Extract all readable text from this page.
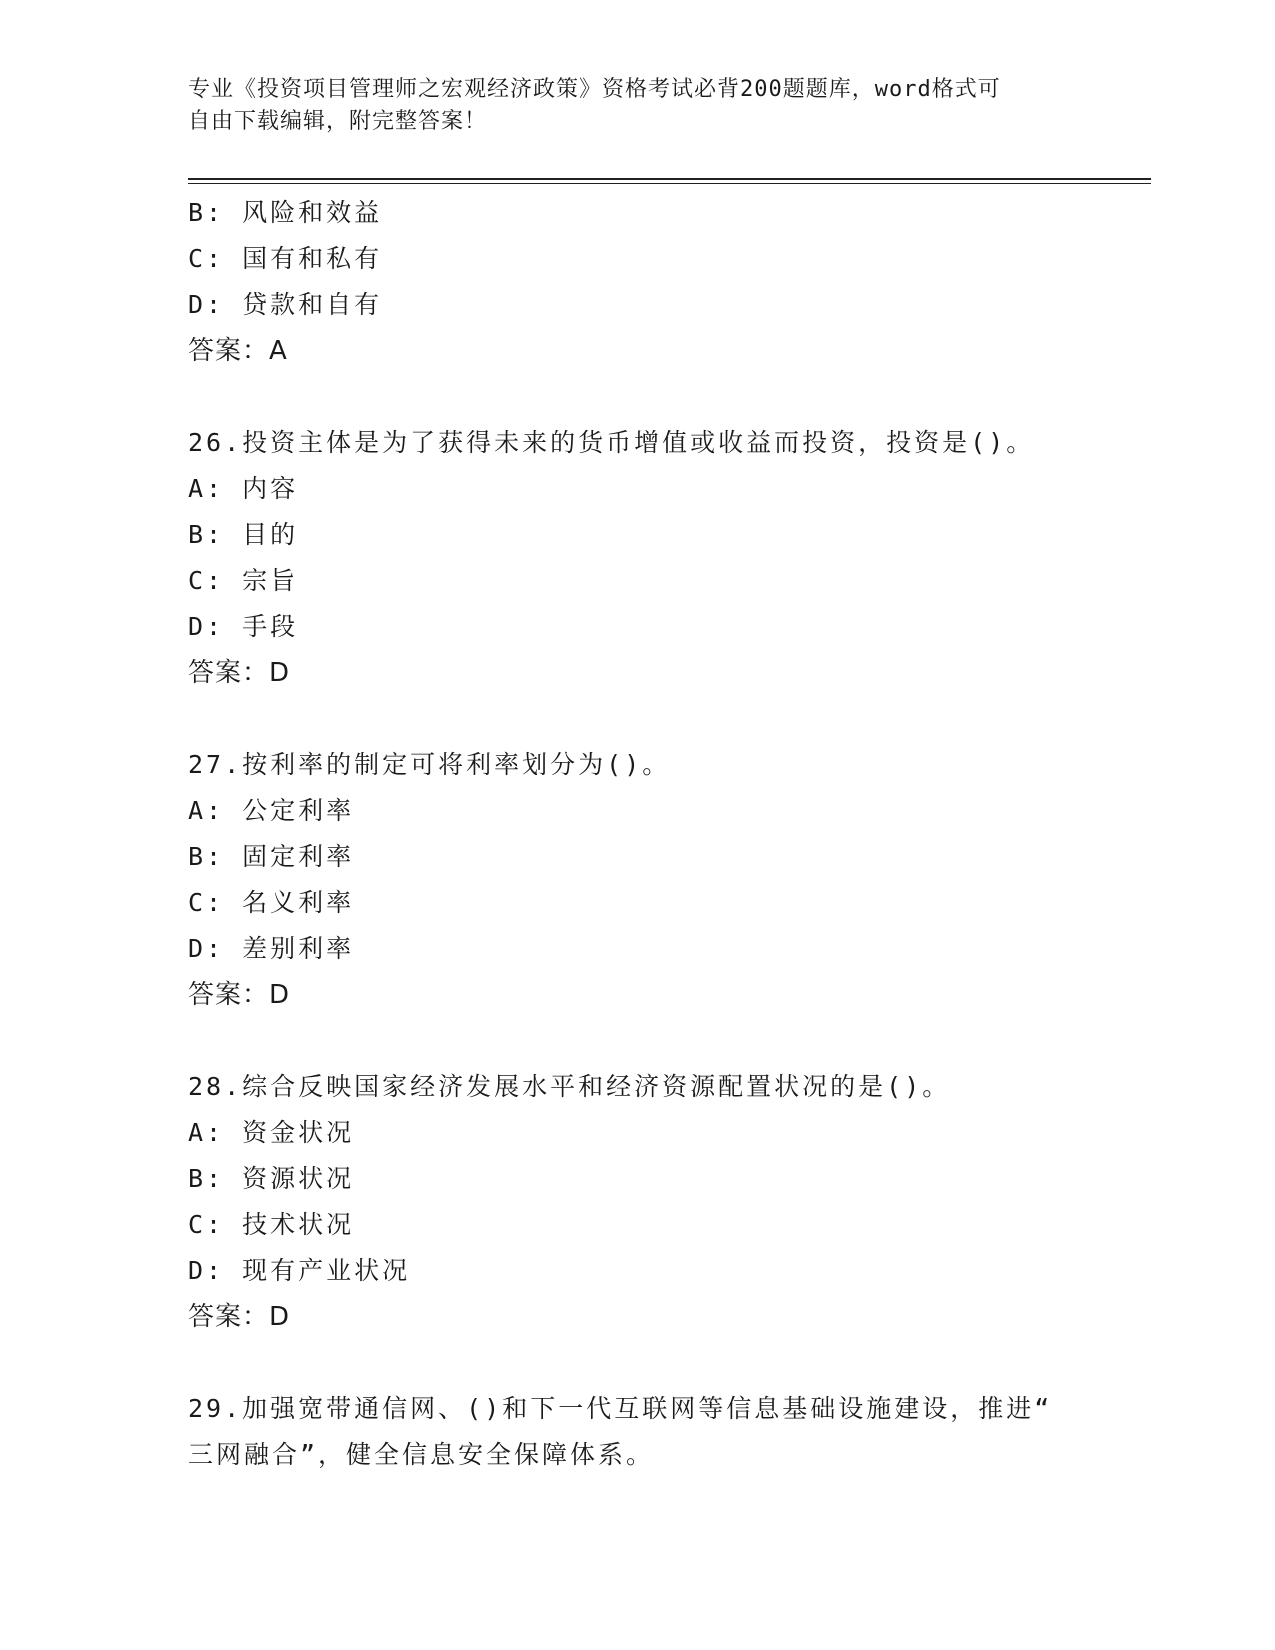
专业《投资项目管理师之宏观经济政策》资格考试必背200题题库，word格式可
自由下载编辑，附完整答案！
B: 风险和效益
C: 国有和私有
D: 贷款和自有
答案：A
26.投资主体是为了获得未来的货币增值或收益而投资，投资是()。
A: 内容
B: 目的
C: 宗旨
D: 手段
答案：D
27.按利率的制定可将利率划分为()。
A: 公定利率
B: 固定利率
C: 名义利率
D: 差别利率
答案：D
28.综合反映国家经济发展水平和经济资源配置状况的是()。
A: 资金状况
B: 资源状况
C: 技术状况
D: 现有产业状况
答案：D
29.加强宽带通信网、()和下一代互联网等信息基础设施建设，推进“
三网融合”，健全信息安全保障体系。
